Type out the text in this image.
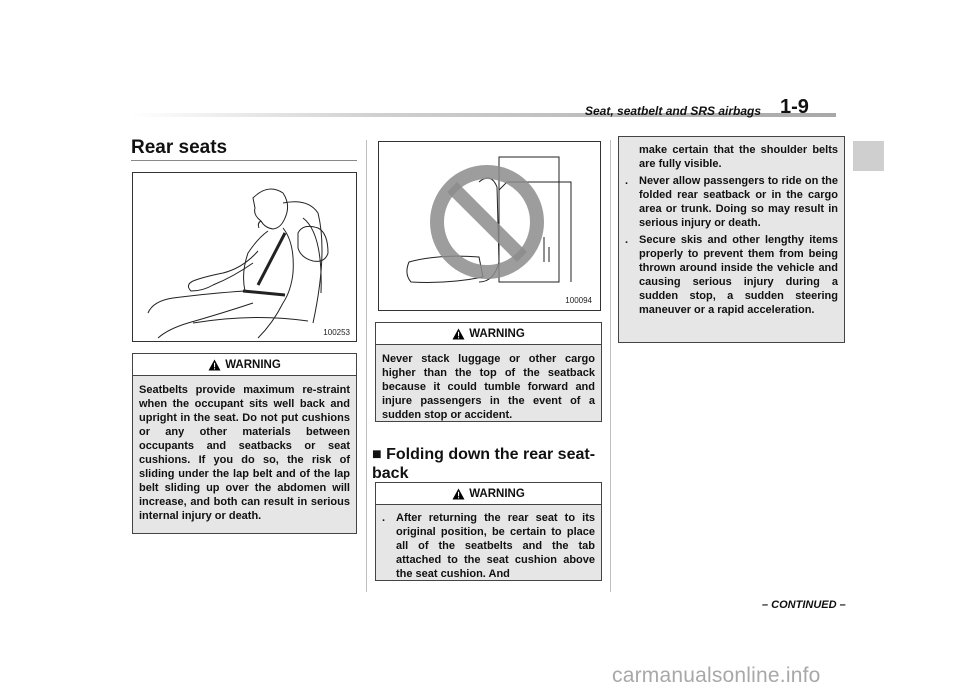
Seat, seatbelt and SRS airbags 1-9
Rear seats
100253
WARNING
Seatbelts provide maximum re-straint when the occupant sits well back and upright in the seat. Do not put cushions or any other materials between occupants and seatbacks or seat cushions. If you do so, the risk of sliding under the lap belt and of the lap belt sliding up over the abdomen will increase, and both can result in serious internal injury or death.
100094
WARNING
Never stack luggage or other cargo higher than the top of the seatback because it could tumble forward and injure passengers in the event of a sudden stop or accident.
■ Folding down the rear seat-back
WARNING
. After returning the rear seat to its original position, be certain to place all of the seatbelts and the tab attached to the seat cushion above the seat cushion. And
make certain that the shoulder belts are fully visible.
. Never allow passengers to ride on the folded rear seatback or in the cargo area or trunk. Doing so may result in serious injury or death.
. Secure skis and other lengthy items properly to prevent them from being thrown around inside the vehicle and causing serious injury during a sudden stop, a sudden steering maneuver or a rapid acceleration.
– CONTINUED –
carmanualsonline.info
